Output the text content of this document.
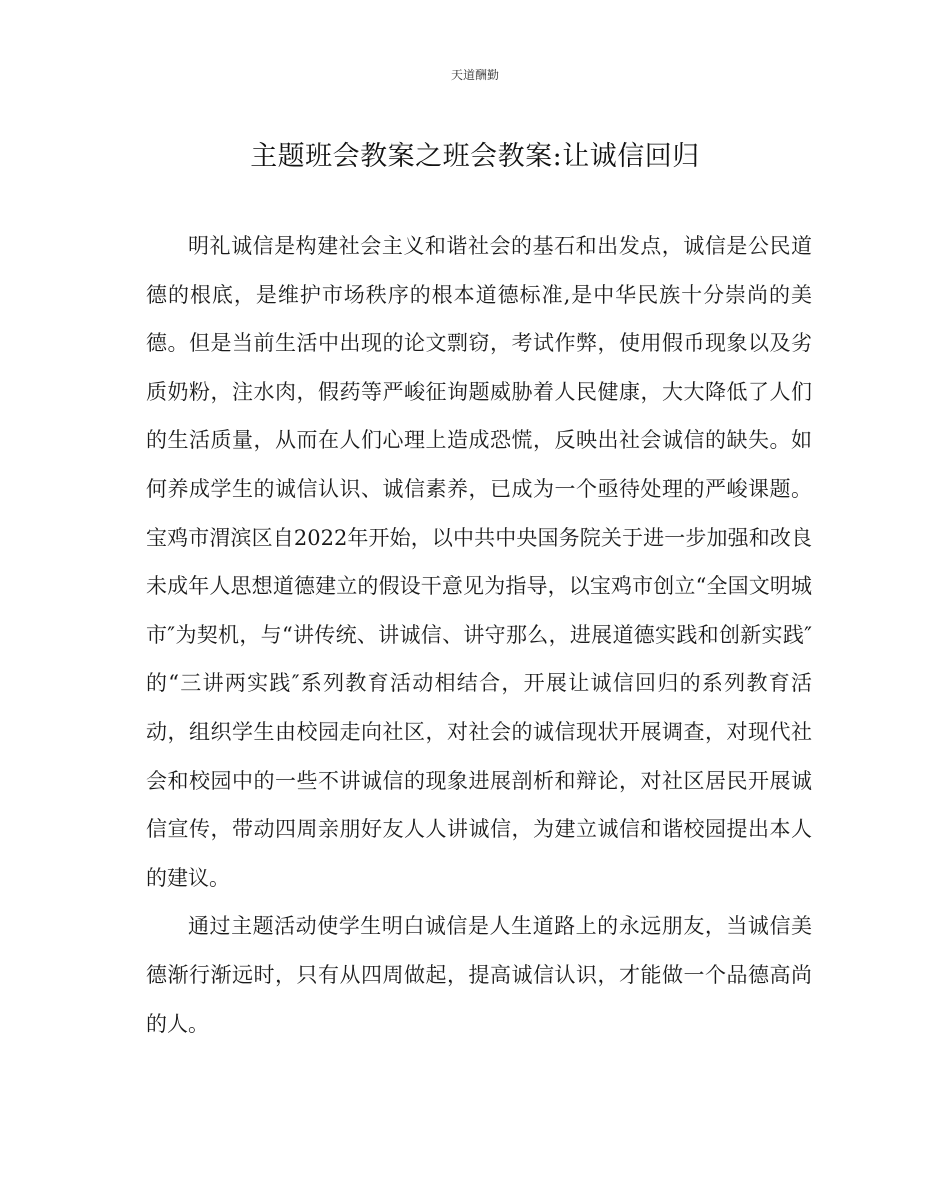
天道酬勤
主题班会教案之班会教案:让诚信回归

明礼诚信是构建社会主义和谐社会的基石和出发点，诚信是公民道德的根底，是维护市场秩序的根本道德标准,是中华民族十分崇尚的美德。但是当前生活中出现的论文剽窃，考试作弊，使用假币现象以及劣质奶粉，注水肉，假药等严峻征询题威胁着人民健康，大大降低了人们的生活质量，从而在人们心理上造成恐慌，反映出社会诚信的缺失。如何养成学生的诚信认识、诚信素养，已成为一个亟待处理的严峻课题。宝鸡市渭滨区自2022年开始，以中共中央国务院关于进一步加强和改良未成年人思想道德建立的假设干意见为指导，以宝鸡市创立“全国文明城市″为契机，与“讲传统、讲诚信、讲守那么，进展道德实践和创新实践″的“三讲两实践″系列教育活动相结合，开展让诚信回归的系列教育活动，组织学生由校园走向社区，对社会的诚信现状开展调查，对现代社会和校园中的一些不讲诚信的现象进展剖析和辩论，对社区居民开展诚信宣传，带动四周亲朋好友人人讲诚信，为建立诚信和谐校园提出本人的建议。

通过主题活动使学生明白诚信是人生道路上的永远朋友，当诚信美德渐行渐远时，只有从四周做起，提高诚信认识，才能做一个品德高尚的人。
